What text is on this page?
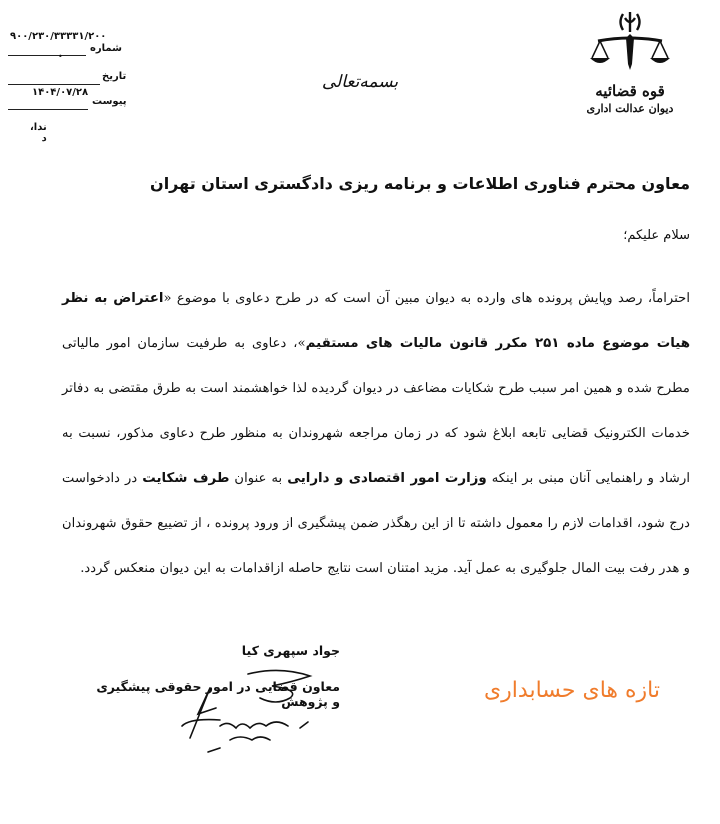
۹۰۰/۲۳۰/۳۳۳۳۱/۲۰۰
شماره
•
تاریخ
۱۴۰۴/۰۷/۲۸
پیوست
ندا، د
بسمه‌تعالی	قوه قضائیه
دیوان عدالت اداری
معاون محترم فناوری اطلاعات و برنامه ریزی دادگستری استان تهران
سلام علیکم؛
احتراماً، رصد وپایش پرونده های وارده به دیوان مبین آن است که در طرح دعاوی با موضوع «اعتراض به نظر هیات موضوع ماده ۲۵۱ مکرر قانون مالیات های مستقیم»، دعاوی به طرفیت سازمان امور مالیاتی مطرح شده و همین امر سبب طرح شکایات مضاعف در دیوان گردیده لذا خواهشمند است به طرق مقتضی به دفاتر خدمات الکترونیک قضایی تابعه ابلاغ شود که در زمان مراجعه شهروندان به منظور طرح دعاوی مذکور، نسبت به ارشاد و راهنمایی آنان مبنی بر اینکه وزارت امور اقتصادی و دارایی به عنوان طرف شکایت در دادخواست درج شود، اقدامات لازم را معمول داشته تا از این رهگذر ضمن پیشگیری از ورود پرونده ، از تضییع حقوق شهروندان و هدر رفت بیت المال جلوگیری به عمل آید. مزید امتنان است نتایج حاصله ازاقدامات به این دیوان منعکس گردد.
جواد سپهری کیا
معاون قضایی در امور حقوقی پیشگیری و پژوهش	تازه های حسابداری
